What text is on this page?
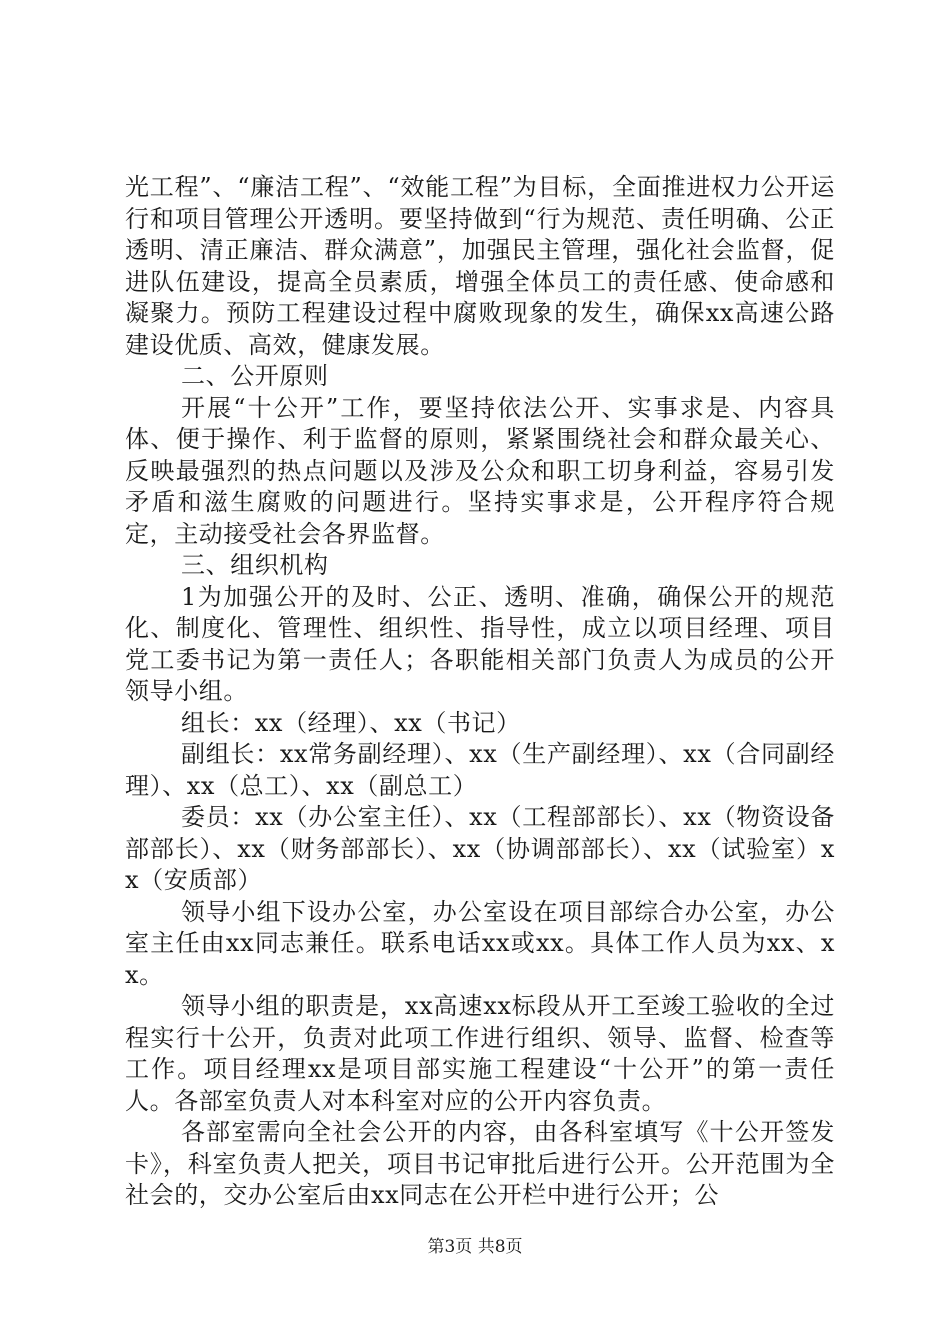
光工程”、“廉洁工程”、“效能工程”为目标，全面推进权力公开运行和项目管理公开透明。要坚持做到“行为规范、责任明确、公正透明、清正廉洁、群众满意”，加强民主管理，强化社会监督，促进队伍建设，提高全员素质，增强全体员工的责任感、使命感和凝聚力。预防工程建设过程中腐败现象的发生，确保xx高速公路建设优质、高效，健康发展。

二、公开原则

开展“十公开”工作，要坚持依法公开、实事求是、内容具体、便于操作、利于监督的原则，紧紧围绕社会和群众最关心、反映最强烈的热点问题以及涉及公众和职工切身利益，容易引发矛盾和滋生腐败的问题进行。坚持实事求是，公开程序符合规定，主动接受社会各界监督。

三、组织机构

1为加强公开的及时、公正、透明、准确，确保公开的规范化、制度化、管理性、组织性、指导性，成立以项目经理、项目党工委书记为第一责任人；各职能相关部门负责人为成员的公开领导小组。

组长：xx（经理）、xx（书记）

副组长：xx常务副经理）、xx（生产副经理）、xx（合同副经理）、xx（总工）、xx（副总工）

委员：xx（办公室主任）、xx（工程部部长）、xx（物资设备部部长）、xx（财务部部长）、xx（协调部部长）、xx（试验室）xx（安质部）

领导小组下设办公室，办公室设在项目部综合办公室，办公室主任由xx同志兼任。联系电话xx或xx。具体工作人员为xx、xx。

领导小组的职责是，xx高速xx标段从开工至竣工验收的全过程实行十公开，负责对此项工作进行组织、领导、监督、检查等工作。项目经理xx是项目部实施工程建设“十公开”的第一责任人。各部室负责人对本科室对应的公开内容负责。

各部室需向全社会公开的内容，由各科室填写《十公开签发卡》，科室负责人把关，项目书记审批后进行公开。公开范围为全社会的，交办公室后由xx同志在公开栏中进行公开；公

第3页 共8页
